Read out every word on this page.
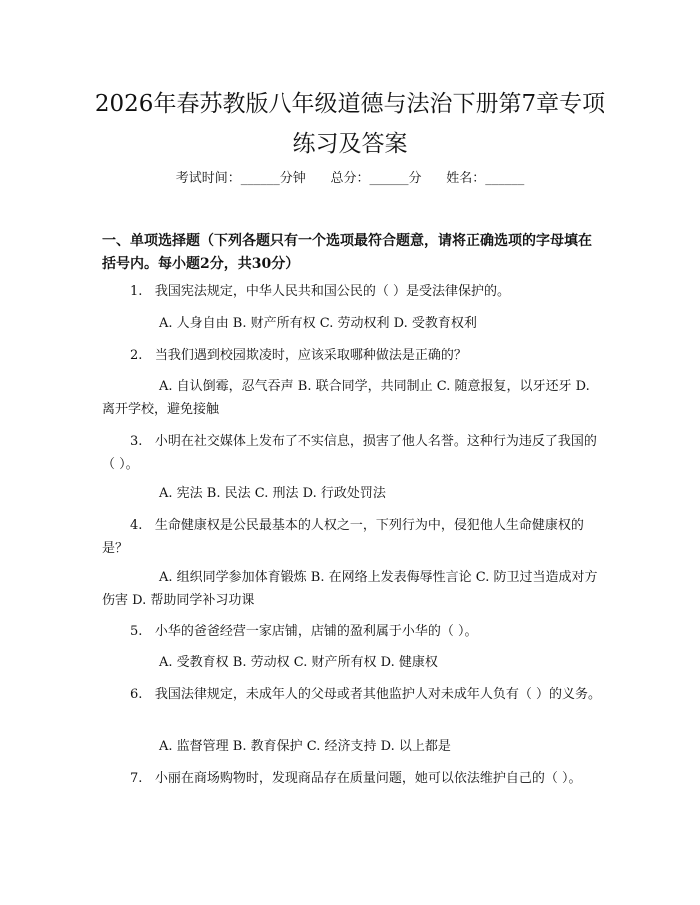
2026年春苏教版八年级道德与法治下册第7章专项练习及答案
考试时间：______分钟      总分：______分      姓名：______

一、单项选择题（下列各题只有一个选项最符合题意，请将正确选项的字母填在括号内。每小题2分，共30分）

1. 我国宪法规定，中华人民共和国公民的（ ）是受法律保护的。

A. 人身自由 B. 财产所有权 C. 劳动权利 D. 受教育权利

2. 当我们遇到校园欺凌时，应该采取哪种做法是正确的？

A. 自认倒霉，忍气吞声 B. 联合同学，共同制止 C. 随意报复，以牙还牙 D. 离开学校，避免接触

3. 小明在社交媒体上发布了不实信息，损害了他人名誉。这种行为违反了我国的（ ）。

A. 宪法 B. 民法 C. 刑法 D. 行政处罚法

4. 生命健康权是公民最基本的人权之一，下列行为中，侵犯他人生命健康权的是？

A. 组织同学参加体育锻炼 B. 在网络上发表侮辱性言论 C. 防卫过当造成对方伤害 D. 帮助同学补习功课

5. 小华的爸爸经营一家店铺，店铺的盈利属于小华的（ ）。

A. 受教育权 B. 劳动权 C. 财产所有权 D. 健康权

6. 我国法律规定，未成年人的父母或者其他监护人对未成年人负有（ ）的义务。

A. 监督管理 B. 教育保护 C. 经济支持 D. 以上都是

7. 小丽在商场购物时，发现商品存在质量问题，她可以依法维护自己的（ ）。
